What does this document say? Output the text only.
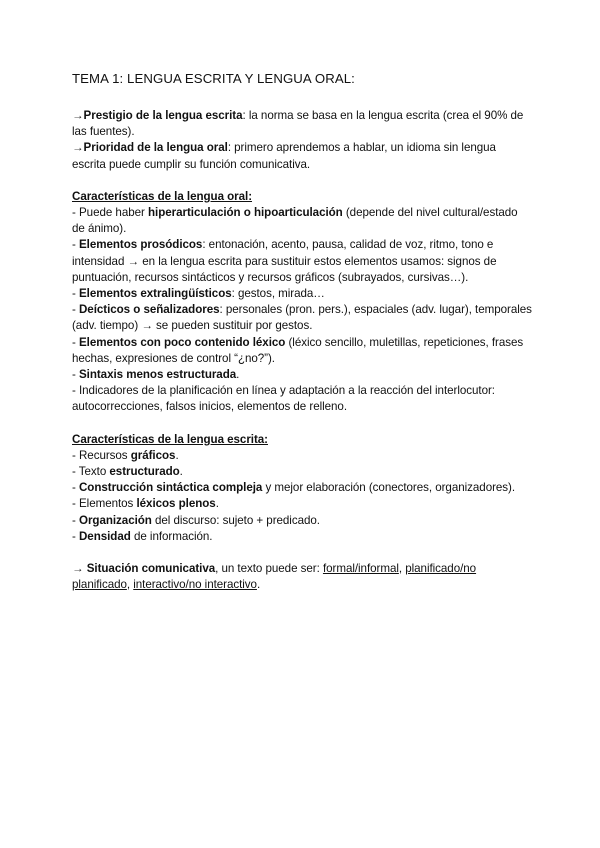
TEMA 1: LENGUA ESCRITA Y LENGUA ORAL:

→Prestigio de la lengua escrita: la norma se basa en la lengua escrita (crea el 90% de las fuentes).

→Prioridad de la lengua oral: primero aprendemos a hablar, un idioma sin lengua escrita puede cumplir su función comunicativa.

Características de la lengua oral:

- Puede haber hiperarticulación o hipoarticulación (depende del nivel cultural/estado de ánimo).

- Elementos prosódicos: entonación, acento, pausa, calidad de voz, ritmo, tono e intensidad → en la lengua escrita para sustituir estos elementos usamos: signos de puntuación, recursos sintácticos y recursos gráficos (subrayados, cursivas…).

- Elementos extralingüísticos: gestos, mirada…

- Deícticos o señalizadores: personales (pron. pers.), espaciales (adv. lugar), temporales (adv. tiempo) → se pueden sustituir por gestos.

- Elementos con poco contenido léxico (léxico sencillo, muletillas, repeticiones, frases hechas, expresiones de control “¿no?”).

- Sintaxis menos estructurada.

- Indicadores de la planificación en línea y adaptación a la reacción del interlocutor: autocorrecciones, falsos inicios, elementos de relleno.

Características de la lengua escrita:

- Recursos gráficos.

- Texto estructurado.

- Construcción sintáctica compleja y mejor elaboración (conectores, organizadores).

- Elementos léxicos plenos.

- Organización del discurso: sujeto + predicado.

- Densidad de información.

→ Situación comunicativa, un texto puede ser: formal/informal, planificado/no planificado, interactivo/no interactivo.
